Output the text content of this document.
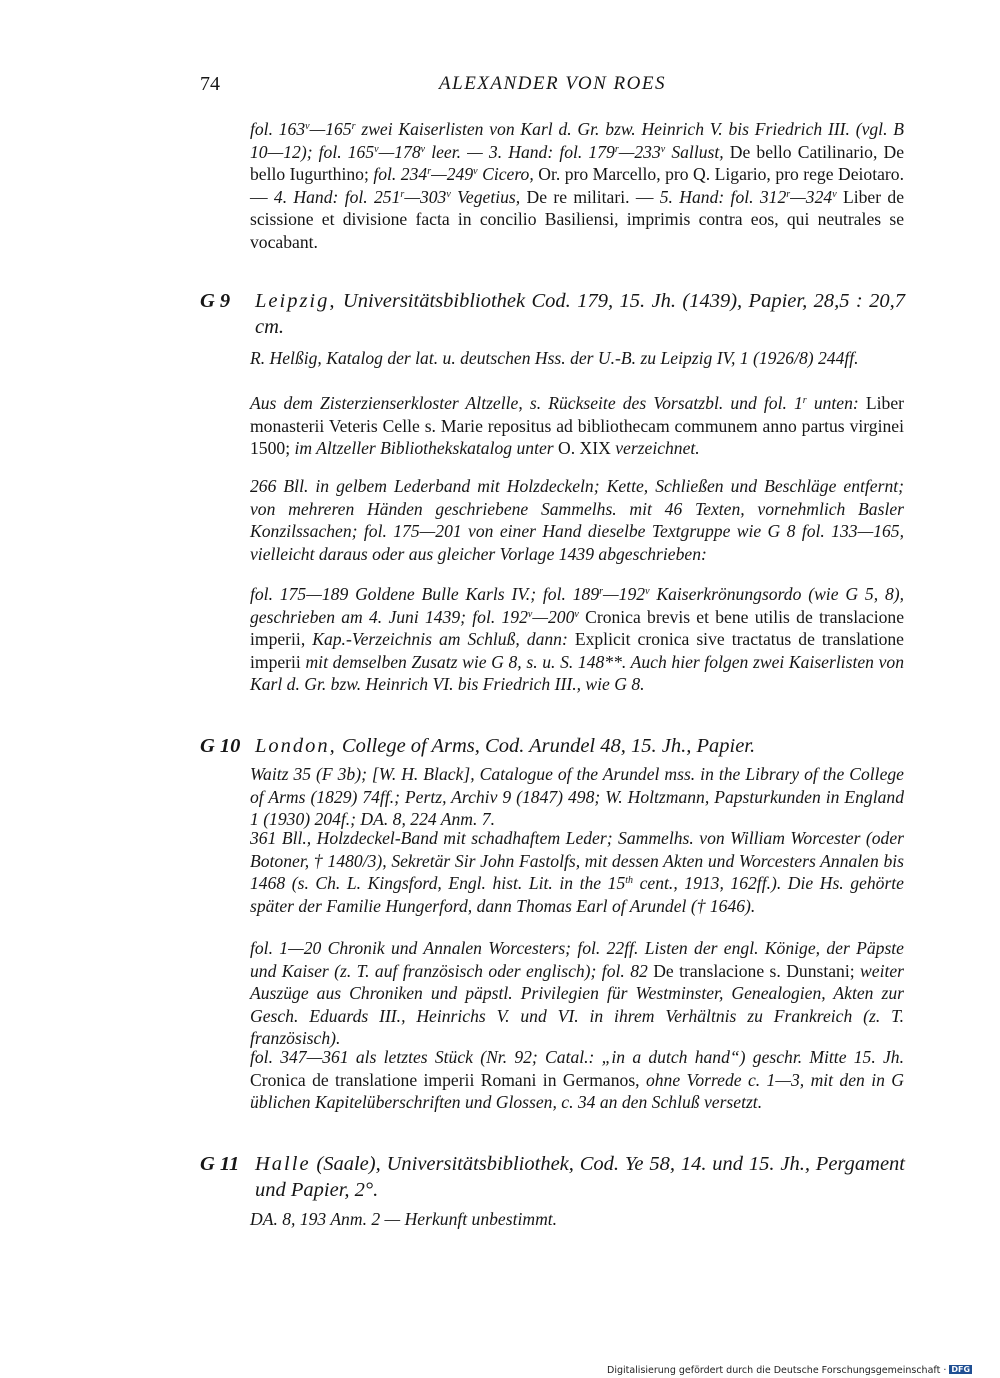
74	ALEXANDER VON ROES

fol. 163$^v$—165$^r$ zwei Kaiserlisten von Karl d. Gr. bzw. Heinrich V. bis Friedrich III. (vgl. B 10—12); fol. 165$^v$—178$^v$ leer. — 3. Hand: fol. 179$^r$—233$^v$ Sallust, De bello Catilinario, De bello Iugurthino; fol. 234$^r$—249$^v$ Cicero, Or. pro Marcello, pro Q. Ligario, pro rege Deiotaro. — 4. Hand: fol. 251$^r$—303$^v$ Vegetius, De re militari. — 5. Hand: fol. 312$^r$—324$^v$ Liber de scissione et divisione facta in concilio Basiliensi, imprimis contra eos, qui neutrales se vocabant.

G 9 Leipzig, Universitätsbibliothek Cod. 179, 15. Jh. (1439), Papier, 28,5 : 20,7 cm.

R. Helßig, Katalog der lat. u. deutschen Hss. der U.-B. zu Leipzig IV, 1 (1926/8) 244ff.

Aus dem Zisterzienserkloster Altzelle, s. Rückseite des Vorsatzbl. und fol. 1$^r$ unten: Liber monasterii Veteris Celle s. Marie repositus ad bibliothecam communem anno partus virginei 1500; im Altzeller Bibliothekskatalog unter O. XIX verzeichnet.

266 Bll. in gelbem Lederband mit Holzdeckeln; Kette, Schließen und Beschläge entfernt; von mehreren Händen geschriebene Sammelhs. mit 46 Texten, vornehmlich Basler Konzilssachen; fol. 175—201 von einer Hand dieselbe Textgruppe wie G 8 fol. 133—165, vielleicht daraus oder aus gleicher Vorlage 1439 abgeschrieben:

fol. 175—189 Goldene Bulle Karls IV.; fol. 189$^r$—192$^v$ Kaiserkrönungsordo (wie G 5, 8), geschrieben am 4. Juni 1439; fol. 192$^v$—200$^v$ Cronica brevis et bene utilis de translacione imperii, Kap.-Verzeichnis am Schluß, dann: Explicit cronica sive tractatus de translatione imperii mit demselben Zusatz wie G 8, s. u. S. 148**. Auch hier folgen zwei Kaiserlisten von Karl d. Gr. bzw. Heinrich VI. bis Friedrich III., wie G 8.

G 10 London, College of Arms, Cod. Arundel 48, 15. Jh., Papier.

Waitz 35 (F 3b); [W. H. Black], Catalogue of the Arundel mss. in the Library of the College of Arms (1829) 74ff.; Pertz, Archiv 9 (1847) 498; W. Holtzmann, Papsturkunden in England 1 (1930) 204f.; DA. 8, 224 Anm. 7.

361 Bll., Holzdeckel-Band mit schadhaftem Leder; Sammelhs. von William Worcester (oder Botoner, † 1480/3), Sekretär Sir John Fastolfs, mit dessen Akten und Worcesters Annalen bis 1468 (s. Ch. L. Kingsford, Engl. hist. Lit. in the 15th cent., 1913, 162ff.). Die Hs. gehörte später der Familie Hungerford, dann Thomas Earl of Arundel († 1646).

fol. 1—20 Chronik und Annalen Worcesters; fol. 22ff. Listen der engl. Könige, der Päpste und Kaiser (z. T. auf französisch oder englisch); fol. 82 De translacione s. Dunstani; weiter Auszüge aus Chroniken und päpstl. Privilegien für Westminster, Genealogien, Akten zur Gesch. Eduards III., Heinrichs V. und VI. in ihrem Verhältnis zu Frankreich (z. T. französisch).

fol. 347—361 als letztes Stück (Nr. 92; Catal.: „in a dutch hand“) geschr. Mitte 15. Jh. Cronica de translatione imperii Romani in Germanos, ohne Vorrede c. 1—3, mit den in G üblichen Kapitelüberschriften und Glossen, c. 34 an den Schluß versetzt.

G 11 Halle (Saale), Universitätsbibliothek, Cod. Ye 58, 14. und 15. Jh., Pergament und Papier, 2°.

DA. 8, 193 Anm. 2 — Herkunft unbestimmt.

Digitalisierung gefördert durch die Deutsche Forschungsgemeinschaft · DFG
